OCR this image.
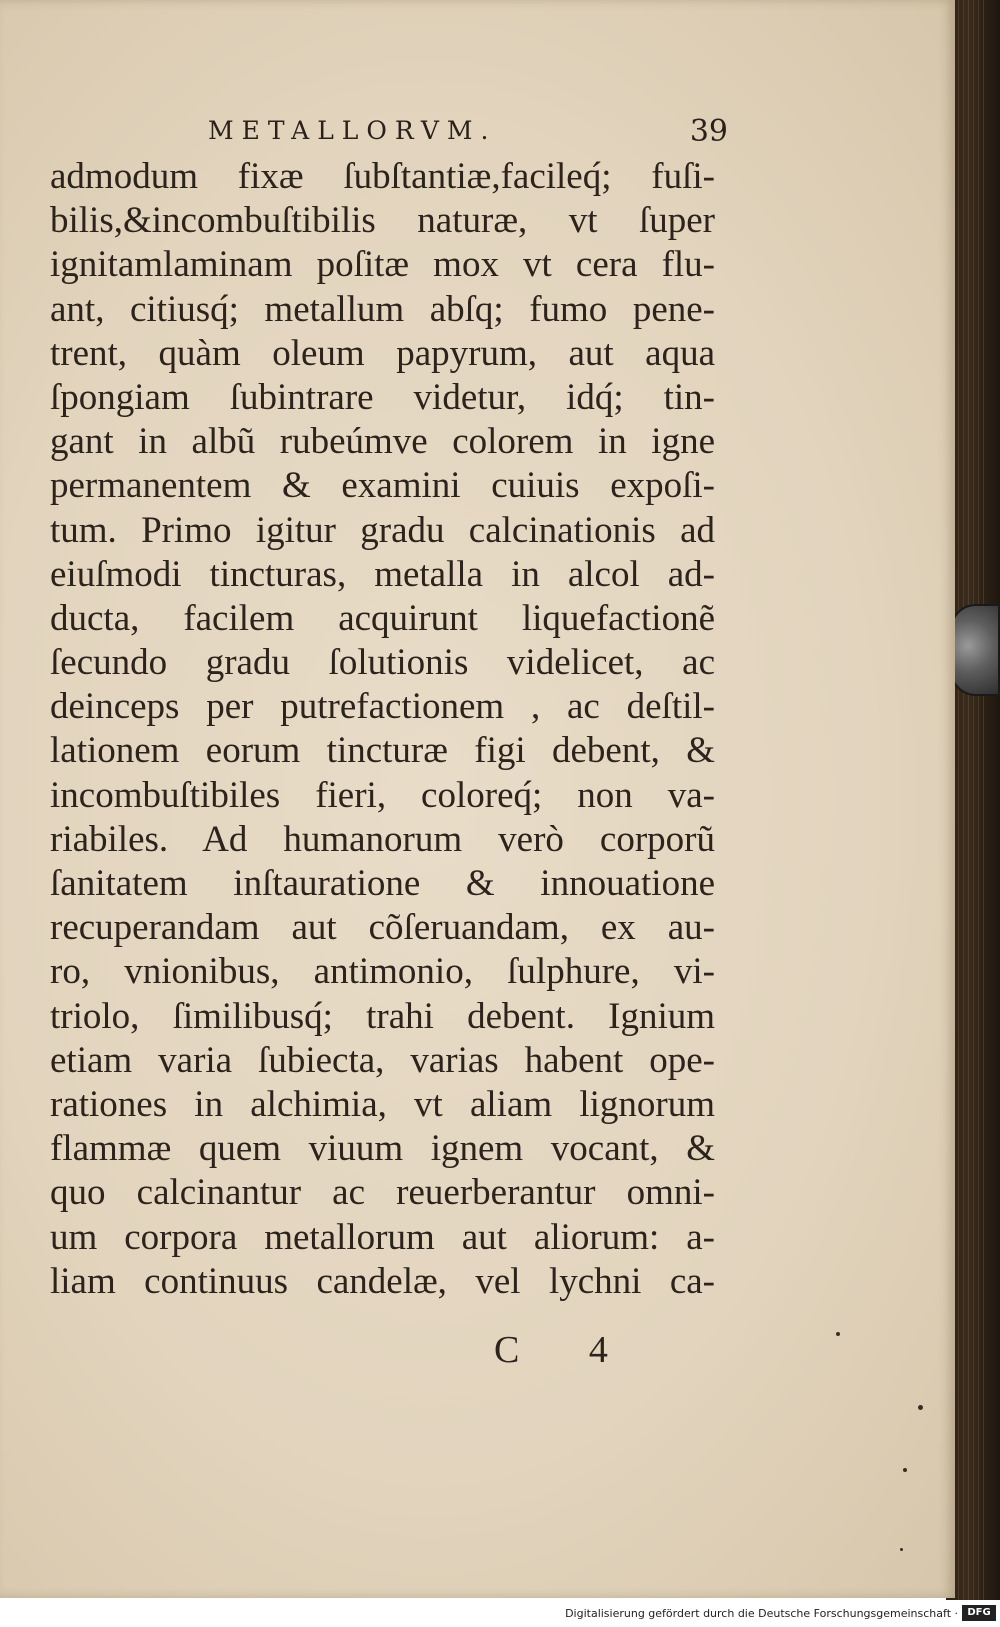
METALLORVM.	39
admodum fixæ ſubſtantiæ,facileq́; fuſi-
bilis,&incombuſtibilis naturæ, vt ſuper
ignitamlaminam poſitæ mox vt cera flu-
ant, citiusq́; metallum abſq; fumo pene-
trent, quàm oleum papyrum, aut aqua
ſpongiam ſubintrare videtur, idq́; tin-
gant in albũ rubeúmve colorem in igne
permanentem & examini cuiuis expoſi-
tum. Primo igitur gradu calcinationis ad
eiuſmodi tincturas, metalla in alcol ad-
ducta, facilem acquirunt liquefactionẽ
ſecundo gradu ſolutionis videlicet, ac
deinceps per putrefactionem , ac deſtil-
lationem eorum tincturæ figi debent, &
incombuſtibiles fieri, coloreq́; non va-
riabiles. Ad humanorum verò corporũ
ſanitatem inſtauratione & innouatione
recuperandam aut cõſeruandam, ex au-
ro, vnionibus, antimonio, ſulphure, vi-
triolo, ſimilibusq́; trahi debent. Ignium
etiam varia ſubiecta, varias habent ope-
rationes in alchimia, vt aliam lignorum
flammæ quem viuum ignem vocant, &
quo calcinantur ac reuerberantur omni-
um corpora metallorum aut aliorum: a-
liam continuus candelæ, vel lychni ca-
C 4
Digitalisierung gefördert durch die Deutsche Forschungsgemeinschaft · DFG
